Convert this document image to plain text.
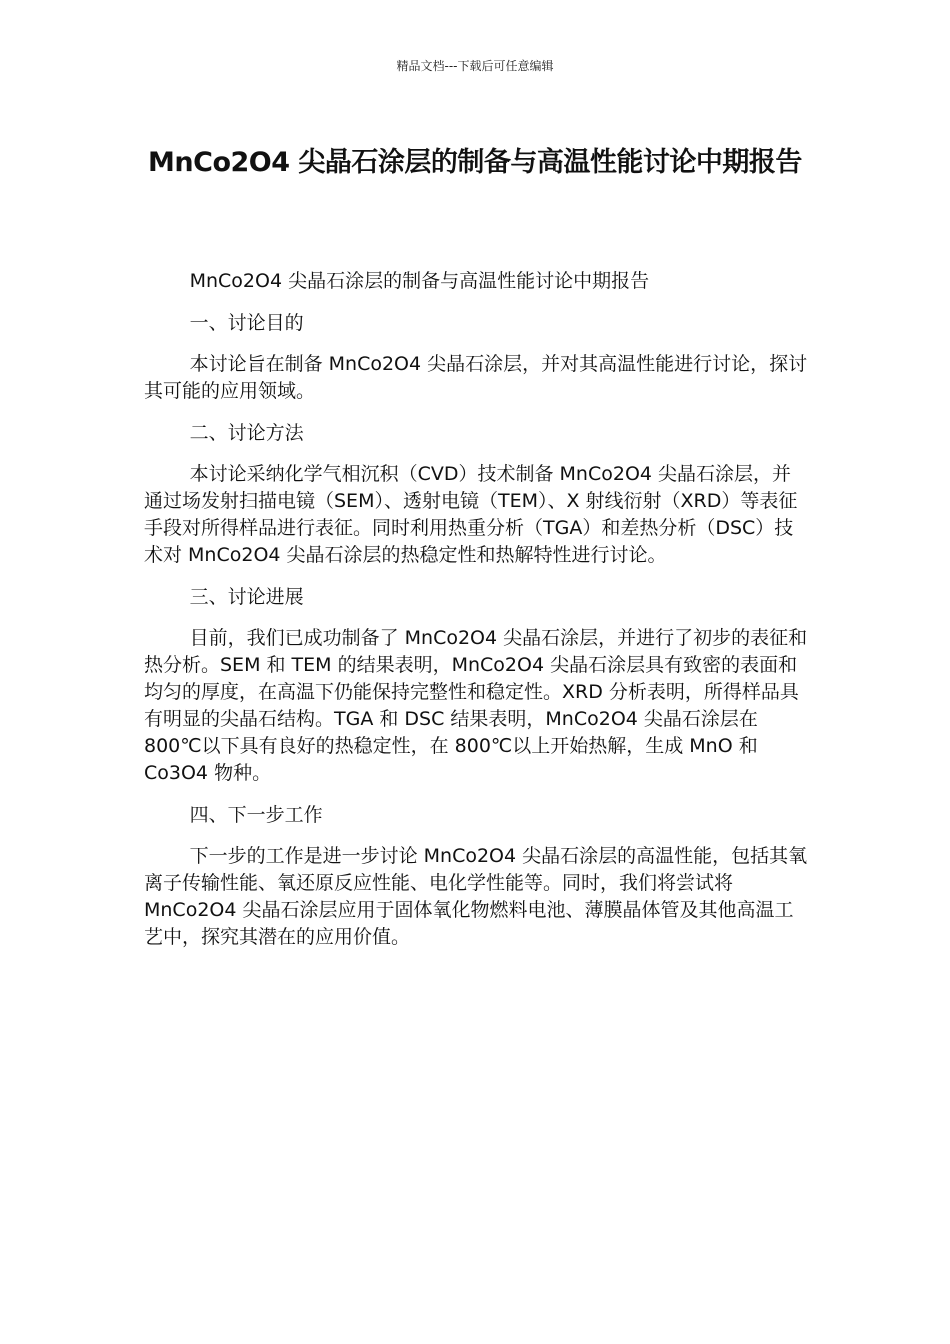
精品文档---下载后可任意编辑
MnCo2O4 尖晶石涂层的制备与高温性能讨论中期报告

MnCo2O4 尖晶石涂层的制备与高温性能讨论中期报告

一、讨论目的

本讨论旨在制备 MnCo2O4 尖晶石涂层，并对其高温性能进行讨论，探讨其可能的应用领域。

二、讨论方法

本讨论采纳化学气相沉积（CVD）技术制备 MnCo2O4 尖晶石涂层，并通过场发射扫描电镜（SEM）、透射电镜（TEM）、X 射线衍射（XRD）等表征手段对所得样品进行表征。同时利用热重分析（TGA）和差热分析（DSC）技术对 MnCo2O4 尖晶石涂层的热稳定性和热解特性进行讨论。

三、讨论进展

目前，我们已成功制备了 MnCo2O4 尖晶石涂层，并进行了初步的表征和热分析。SEM 和 TEM 的结果表明，MnCo2O4 尖晶石涂层具有致密的表面和均匀的厚度，在高温下仍能保持完整性和稳定性。XRD 分析表明，所得样品具有明显的尖晶石结构。TGA 和 DSC 结果表明，MnCo2O4 尖晶石涂层在 800℃以下具有良好的热稳定性，在 800℃以上开始热解，生成 MnO 和 Co3O4 物种。

四、下一步工作

下一步的工作是进一步讨论 MnCo2O4 尖晶石涂层的高温性能，包括其氧离子传输性能、氧还原反应性能、电化学性能等。同时，我们将尝试将 MnCo2O4 尖晶石涂层应用于固体氧化物燃料电池、薄膜晶体管及其他高温工艺中，探究其潜在的应用价值。
